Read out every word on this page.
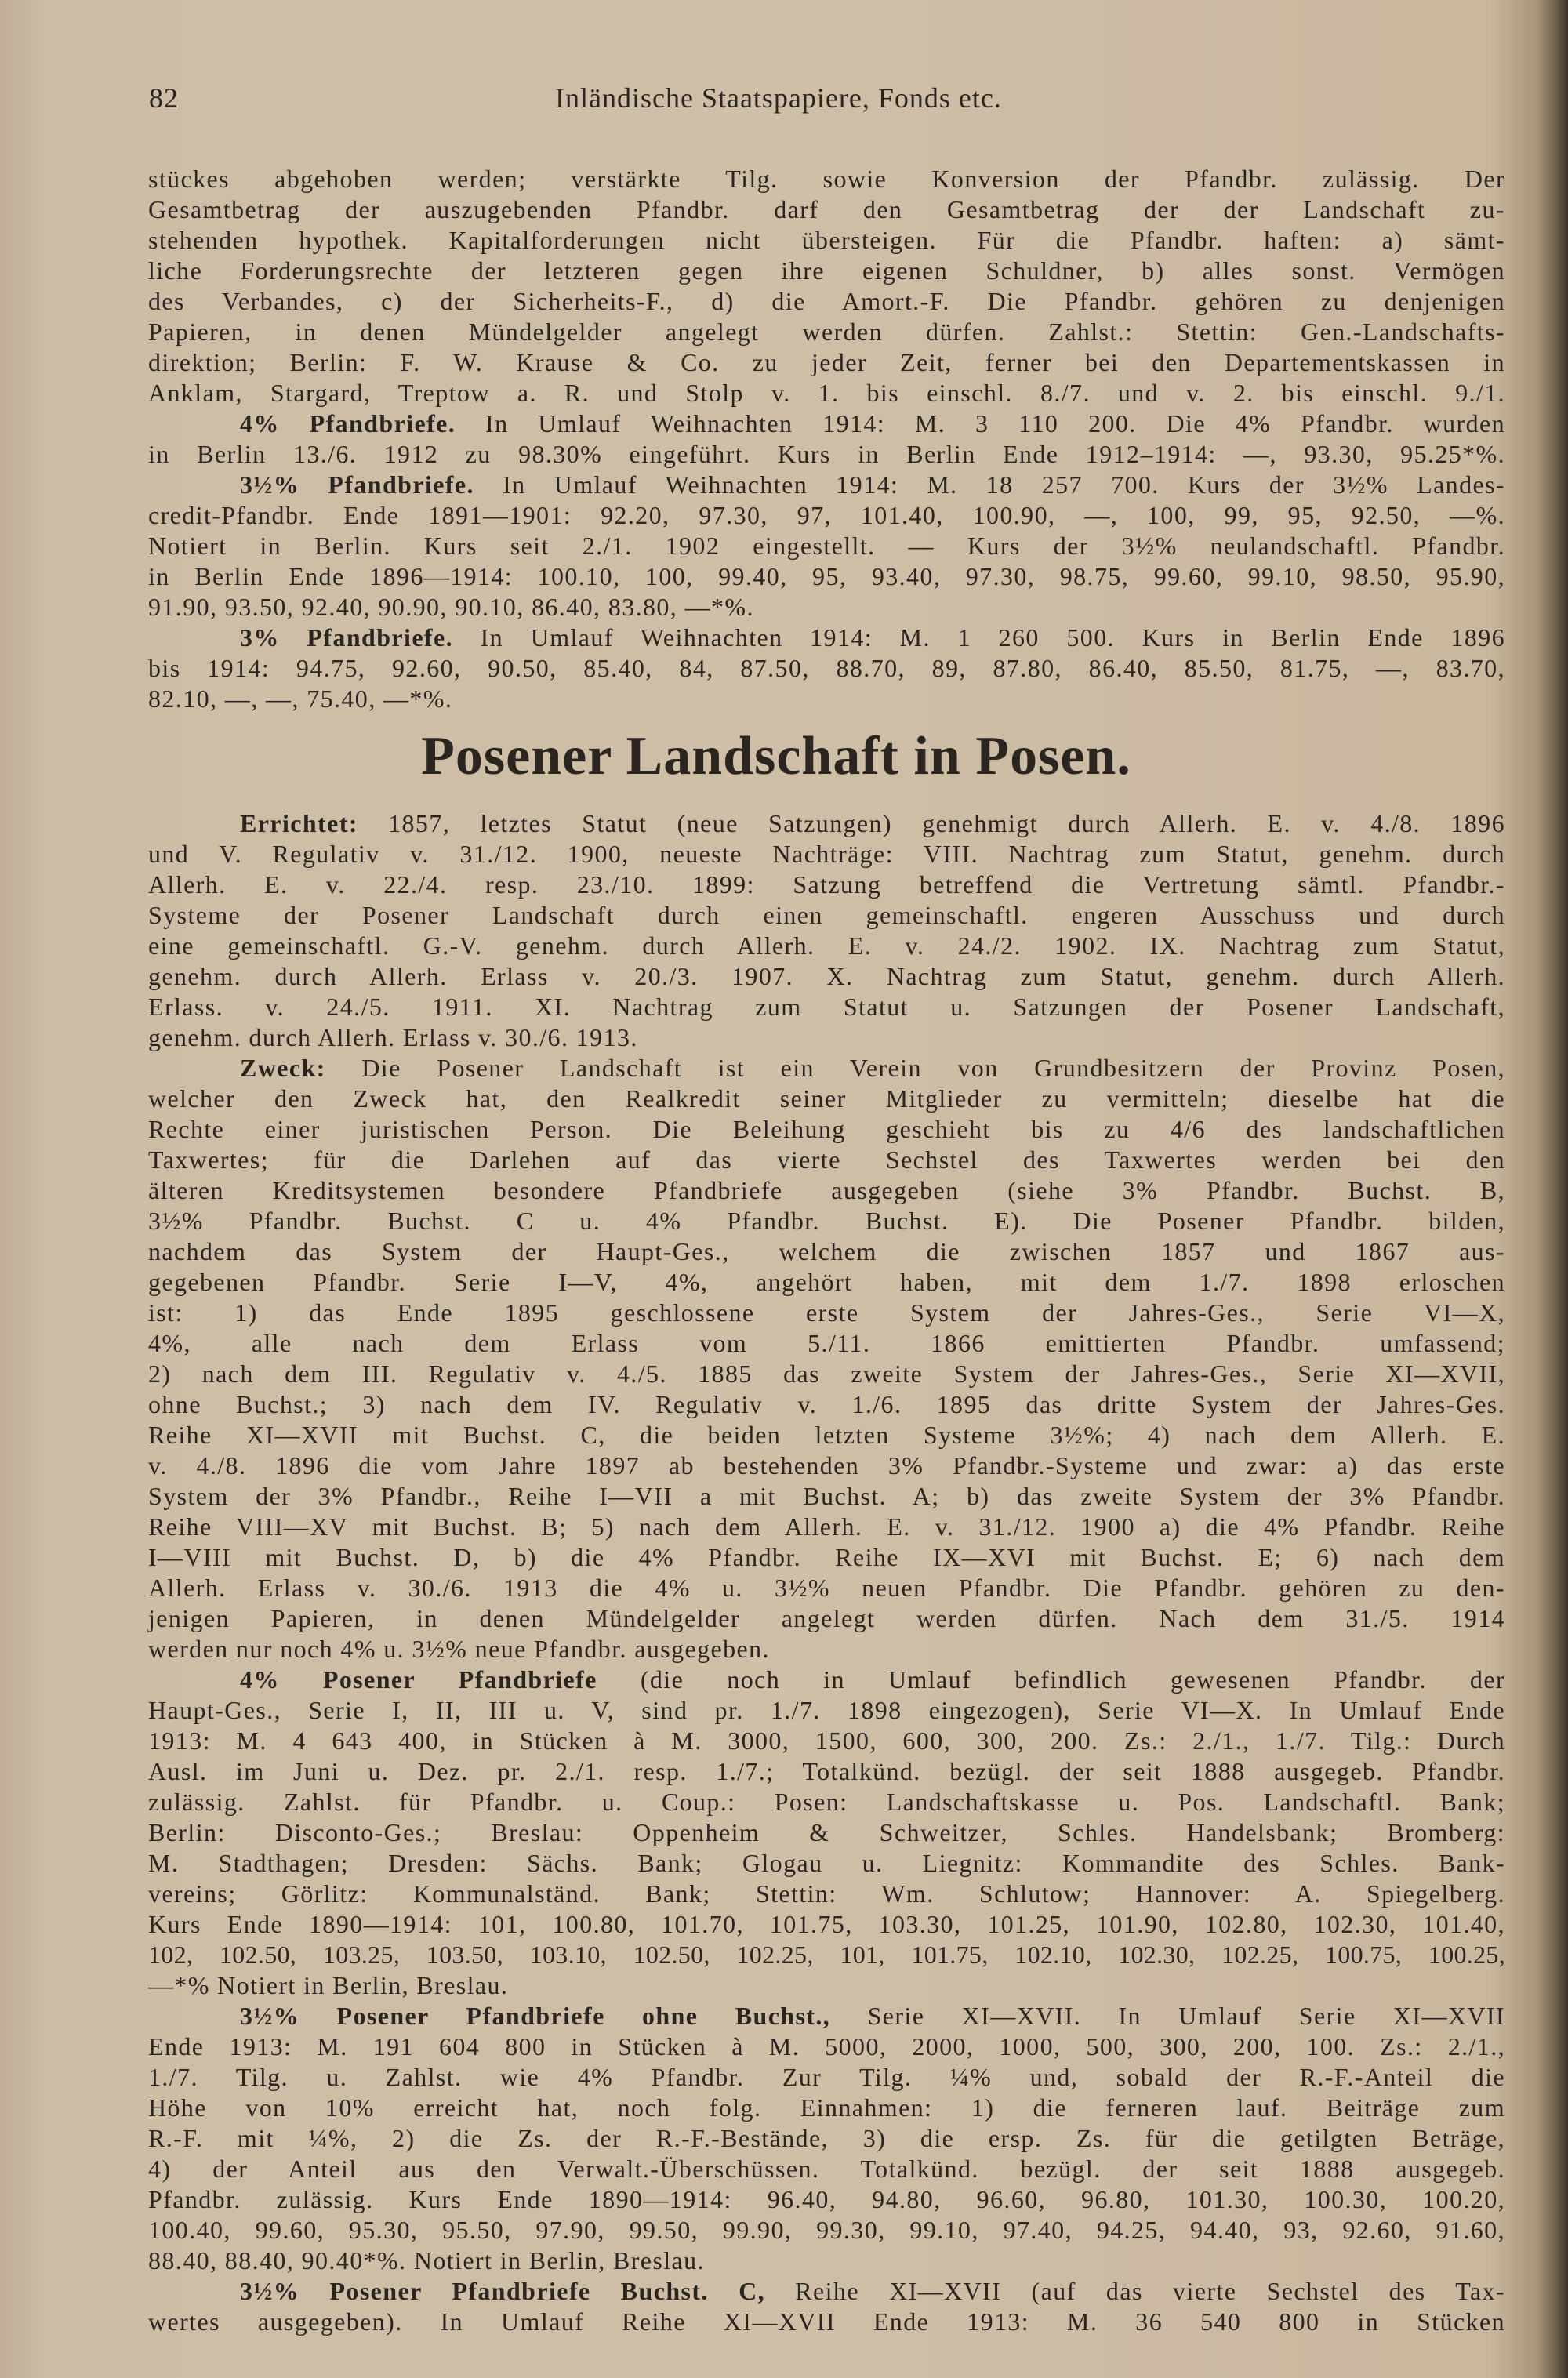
82	Inländische Staatspapiere, Fonds etc.
stückes abgehoben werden; verstärkte Tilg. sowie Konversion der Pfandbr. zulässig. Der
Gesamtbetrag der auszugebenden Pfandbr. darf den Gesamtbetrag der der Landschaft zu-
stehenden hypothek. Kapitalforderungen nicht übersteigen. Für die Pfandbr. haften: a) sämt-
liche Forderungsrechte der letzteren gegen ihre eigenen Schuldner, b) alles sonst. Vermögen
des Verbandes, c) der Sicherheits-F., d) die Amort.-F. Die Pfandbr. gehören zu denjenigen
Papieren, in denen Mündelgelder angelegt werden dürfen. Zahlst.: Stettin: Gen.-Landschafts-
direktion; Berlin: F. W. Krause & Co. zu jeder Zeit, ferner bei den Departementskassen in
Anklam, Stargard, Treptow a. R. und Stolp v. 1. bis einschl. 8./7. und v. 2. bis einschl. 9./1.
4% Pfandbriefe. In Umlauf Weihnachten 1914: M. 3 110 200. Die 4% Pfandbr. wurden
in Berlin 13./6. 1912 zu 98.30% eingeführt. Kurs in Berlin Ende 1912–1914: —, 93.30, 95.25*%.
3½% Pfandbriefe. In Umlauf Weihnachten 1914: M. 18 257 700. Kurs der 3½% Landes-
credit-Pfandbr. Ende 1891—1901: 92.20, 97.30, 97, 101.40, 100.90, —, 100, 99, 95, 92.50, —%.
Notiert in Berlin. Kurs seit 2./1. 1902 eingestellt. — Kurs der 3½% neulandschaftl. Pfandbr.
in Berlin Ende 1896—1914: 100.10, 100, 99.40, 95, 93.40, 97.30, 98.75, 99.60, 99.10, 98.50, 95.90,
91.90, 93.50, 92.40, 90.90, 90.10, 86.40, 83.80, —*%.
3% Pfandbriefe. In Umlauf Weihnachten 1914: M. 1 260 500. Kurs in Berlin Ende 1896
bis 1914: 94.75, 92.60, 90.50, 85.40, 84, 87.50, 88.70, 89, 87.80, 86.40, 85.50, 81.75, —, 83.70,
82.10, —, —, 75.40, —*%.
Posener Landschaft in Posen.
Errichtet: 1857, letztes Statut (neue Satzungen) genehmigt durch Allerh. E. v. 4./8. 1896
und V. Regulativ v. 31./12. 1900, neueste Nachträge: VIII. Nachtrag zum Statut, genehm. durch
Allerh. E. v. 22./4. resp. 23./10. 1899: Satzung betreffend die Vertretung sämtl. Pfandbr.-
Systeme der Posener Landschaft durch einen gemeinschaftl. engeren Ausschuss und durch
eine gemeinschaftl. G.-V. genehm. durch Allerh. E. v. 24./2. 1902. IX. Nachtrag zum Statut,
genehm. durch Allerh. Erlass v. 20./3. 1907. X. Nachtrag zum Statut, genehm. durch Allerh.
Erlass. v. 24./5. 1911. XI. Nachtrag zum Statut u. Satzungen der Posener Landschaft,
genehm. durch Allerh. Erlass v. 30./6. 1913.
Zweck: Die Posener Landschaft ist ein Verein von Grundbesitzern der Provinz Posen,
welcher den Zweck hat, den Realkredit seiner Mitglieder zu vermitteln; dieselbe hat die
Rechte einer juristischen Person. Die Beleihung geschieht bis zu 4/6 des landschaftlichen
Taxwertes; für die Darlehen auf das vierte Sechstel des Taxwertes werden bei den
älteren Kreditsystemen besondere Pfandbriefe ausgegeben (siehe 3% Pfandbr. Buchst. B,
3½% Pfandbr. Buchst. C u. 4% Pfandbr. Buchst. E). Die Posener Pfandbr. bilden,
nachdem das System der Haupt-Ges., welchem die zwischen 1857 und 1867 aus-
gegebenen Pfandbr. Serie I—V, 4%, angehört haben, mit dem 1./7. 1898 erloschen
ist: 1) das Ende 1895 geschlossene erste System der Jahres-Ges., Serie VI—X,
4%, alle nach dem Erlass vom 5./11. 1866 emittierten Pfandbr. umfassend;
2) nach dem III. Regulativ v. 4./5. 1885 das zweite System der Jahres-Ges., Serie XI—XVII,
ohne Buchst.; 3) nach dem IV. Regulativ v. 1./6. 1895 das dritte System der Jahres-Ges.
Reihe XI—XVII mit Buchst. C, die beiden letzten Systeme 3½%; 4) nach dem Allerh. E.
v. 4./8. 1896 die vom Jahre 1897 ab bestehenden 3% Pfandbr.-Systeme und zwar: a) das erste
System der 3% Pfandbr., Reihe I—VII a mit Buchst. A; b) das zweite System der 3% Pfandbr.
Reihe VIII—XV mit Buchst. B; 5) nach dem Allerh. E. v. 31./12. 1900 a) die 4% Pfandbr. Reihe
I—VIII mit Buchst. D, b) die 4% Pfandbr. Reihe IX—XVI mit Buchst. E; 6) nach dem
Allerh. Erlass v. 30./6. 1913 die 4% u. 3½% neuen Pfandbr. Die Pfandbr. gehören zu den-
jenigen Papieren, in denen Mündelgelder angelegt werden dürfen. Nach dem 31./5. 1914
werden nur noch 4% u. 3½% neue Pfandbr. ausgegeben.
4% Posener Pfandbriefe (die noch in Umlauf befindlich gewesenen Pfandbr. der
Haupt-Ges., Serie I, II, III u. V, sind pr. 1./7. 1898 eingezogen), Serie VI—X. In Umlauf Ende
1913: M. 4 643 400, in Stücken à M. 3000, 1500, 600, 300, 200. Zs.: 2./1., 1./7. Tilg.: Durch
Ausl. im Juni u. Dez. pr. 2./1. resp. 1./7.; Totalkünd. bezügl. der seit 1888 ausgegeb. Pfandbr.
zulässig. Zahlst. für Pfandbr. u. Coup.: Posen: Landschaftskasse u. Pos. Landschaftl. Bank;
Berlin: Disconto-Ges.; Breslau: Oppenheim & Schweitzer, Schles. Handelsbank; Bromberg:
M. Stadthagen; Dresden: Sächs. Bank; Glogau u. Liegnitz: Kommandite des Schles. Bank-
vereins; Görlitz: Kommunalständ. Bank; Stettin: Wm. Schlutow; Hannover: A. Spiegelberg.
Kurs Ende 1890—1914: 101, 100.80, 101.70, 101.75, 103.30, 101.25, 101.90, 102.80, 102.30, 101.40,
102, 102.50, 103.25, 103.50, 103.10, 102.50, 102.25, 101, 101.75, 102.10, 102.30, 102.25, 100.75, 100.25,
—*% Notiert in Berlin, Breslau.
3½% Posener Pfandbriefe ohne Buchst., Serie XI—XVII. In Umlauf Serie XI—XVII
Ende 1913: M. 191 604 800 in Stücken à M. 5000, 2000, 1000, 500, 300, 200, 100. Zs.: 2./1.,
1./7. Tilg. u. Zahlst. wie 4% Pfandbr. Zur Tilg. ¼% und, sobald der R.-F.-Anteil die
Höhe von 10% erreicht hat, noch folg. Einnahmen: 1) die ferneren lauf. Beiträge zum
R.-F. mit ¼%, 2) die Zs. der R.-F.-Bestände, 3) die ersp. Zs. für die getilgten Beträge,
4) der Anteil aus den Verwalt.-Überschüssen. Totalkünd. bezügl. der seit 1888 ausgegeb.
Pfandbr. zulässig. Kurs Ende 1890—1914: 96.40, 94.80, 96.60, 96.80, 101.30, 100.30, 100.20,
100.40, 99.60, 95.30, 95.50, 97.90, 99.50, 99.90, 99.30, 99.10, 97.40, 94.25, 94.40, 93, 92.60, 91.60,
88.40, 88.40, 90.40*%. Notiert in Berlin, Breslau.
3½% Posener Pfandbriefe Buchst. C, Reihe XI—XVII (auf das vierte Sechstel des Tax-
wertes ausgegeben). In Umlauf Reihe XI—XVII Ende 1913: M. 36 540 800 in Stücken
